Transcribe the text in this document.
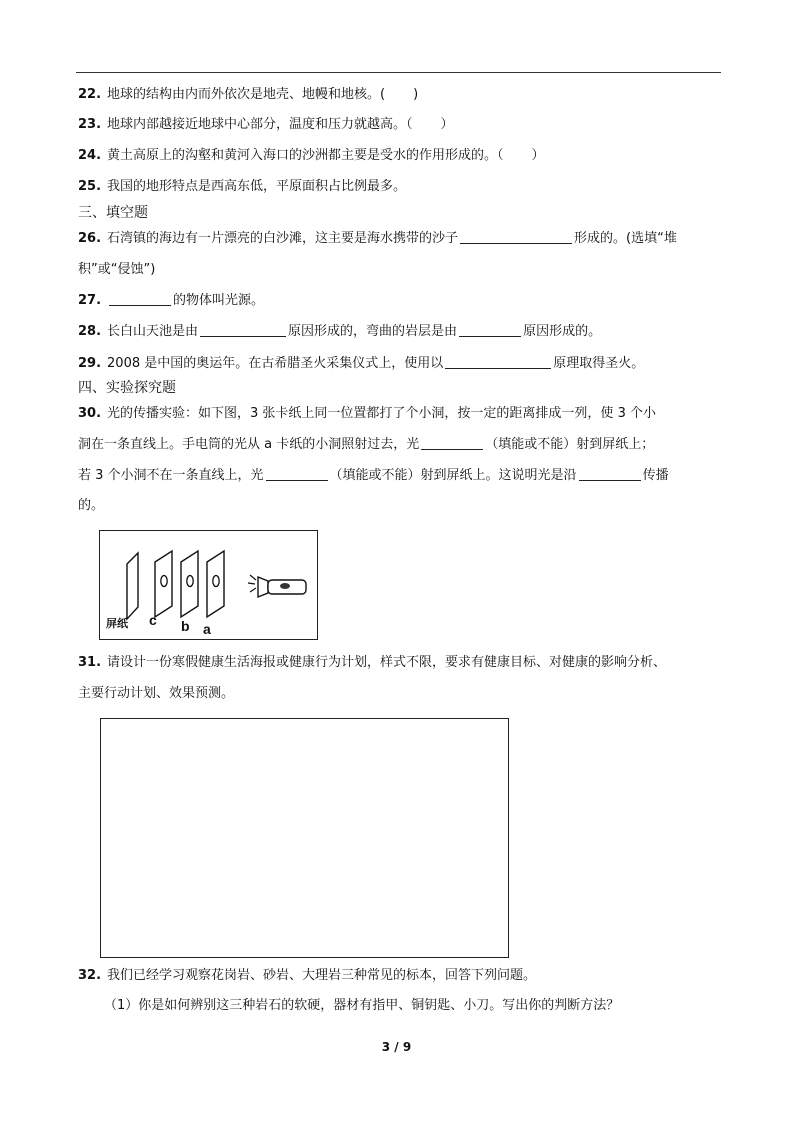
22. 地球的结构由内而外依次是地壳、地幔和地核。( )
23. 地球内部越接近地球中心部分，温度和压力就越高。（ ）
24. 黄土高原上的沟壑和黄河入海口的沙洲都主要是受水的作用形成的。（ ）
25. 我国的地形特点是西高东低，平原面积占比例最多。
三、填空题
26. 石湾镇的海边有一片漂亮的白沙滩，这主要是海水携带的沙子	形成的。(选填“堆
积”或“侵蚀”)
27.	的物体叫光源。
28. 长白山天池是由	原因形成的，弯曲的岩层是由	原因形成的。
29. 2008 是中国的奥运年。在古希腊圣火采集仪式上，使用以	原理取得圣火。
四、实验探究题
30. 光的传播实验：如下图，3 张卡纸上同一位置都打了个小洞，按一定的距离排成一列，使 3 个小
洞在一条直线上。手电筒的光从 a 卡纸的小洞照射过去，光	（填能或不能）射到屏纸上；
若 3 个小洞不在一条直线上，光	（填能或不能）射到屏纸上。这说明光是沿	传播
的。
屏纸 c b a
31. 请设计一份寒假健康生活海报或健康行为计划，样式不限，要求有健康目标、对健康的影响分析、
主要行动计划、效果预测。
32. 我们已经学习观察花岗岩、砂岩、大理岩三种常见的标本，回答下列问题。
（1）你是如何辨别这三种岩石的软硬，器材有指甲、铜钥匙、小刀。写出你的判断方法？
3 / 9
